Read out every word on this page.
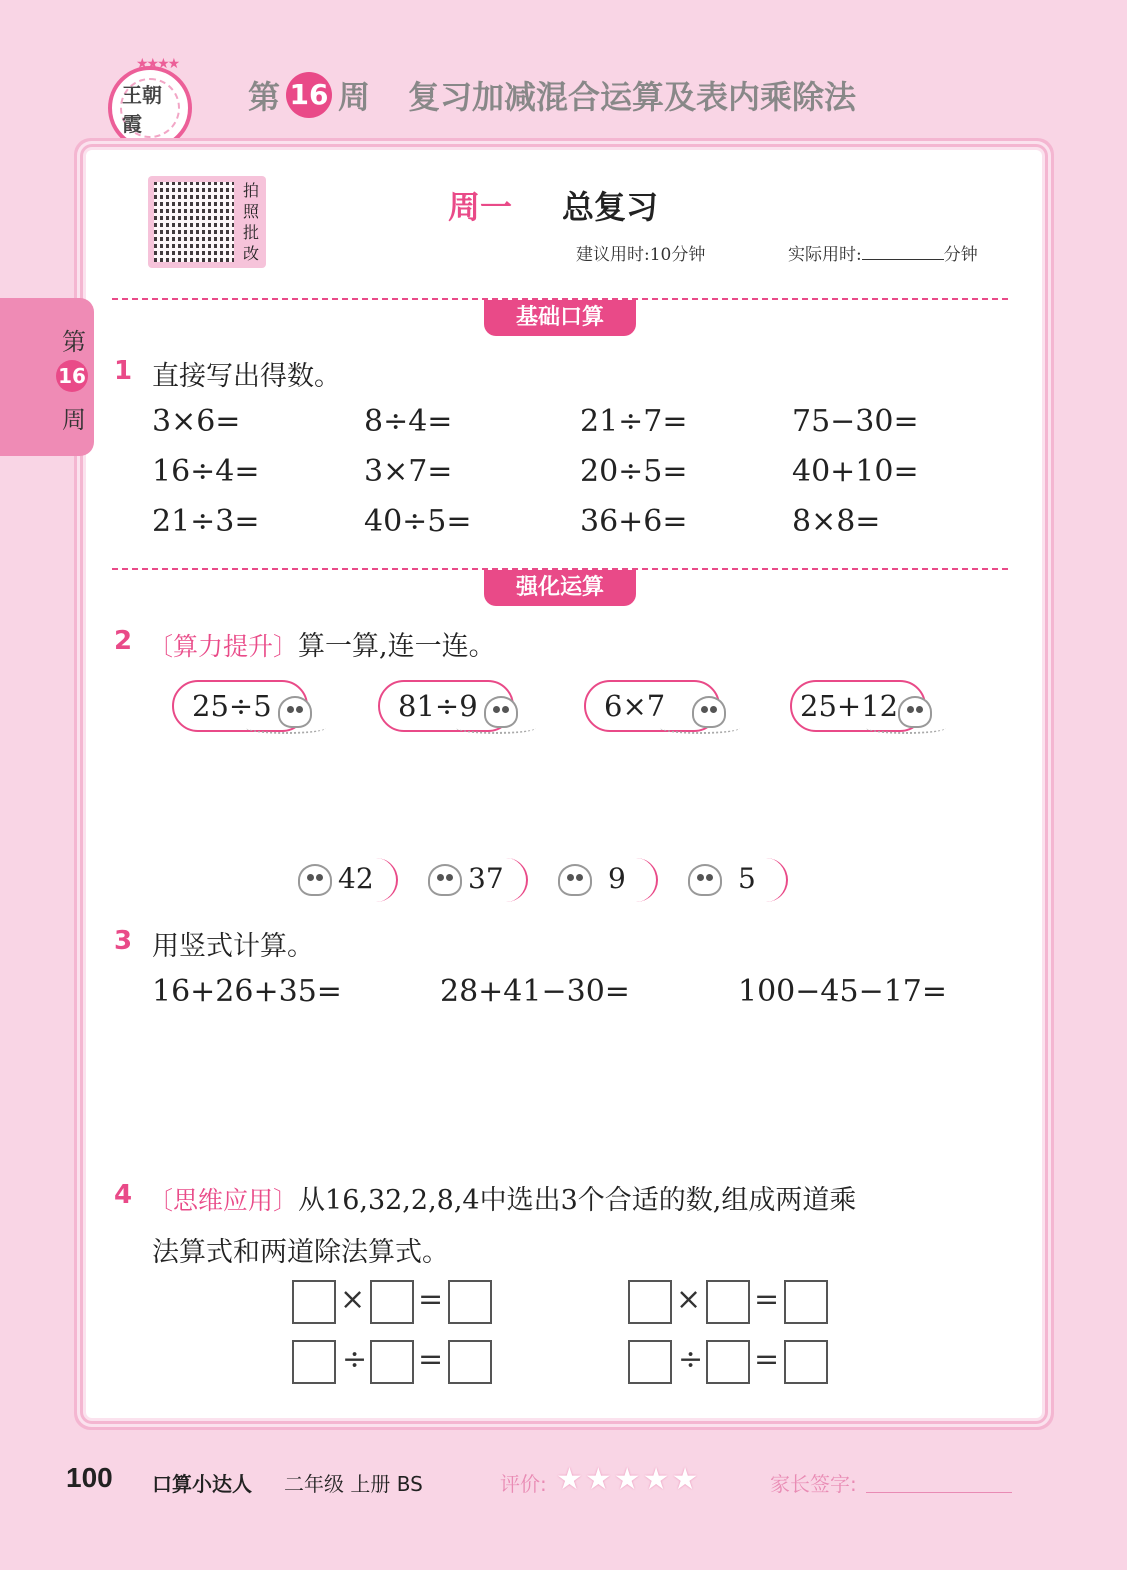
★★★★
王朝霞
第 16 周 复习加减混合运算及表内乘除法
第
16
周
拍
照
批
改
周一 总复习
建议用时:10分钟	实际用时:	分钟
基础口算
1 直接写出得数。
3×6=	8÷4=	21÷7=	75−30=
16÷4=	3×7=	20÷5=	40+10=
21÷3=	40÷5=	36+6=	8×8=
强化运算
2 〔算力提升〕算一算,连一连。
25÷5	81÷9	6×7	25+12
42	37	9	5
3 用竖式计算。
16+26+35=	28+41−30=	100−45−17=
4 〔思维应用〕从16,32,2,8,4中选出3个合适的数,组成两道乘
法算式和两道除法算式。
× =
÷ =
× =
÷ =
100 口算小达人 二年级 上册 BS	评价: ★★★★★	家长签字:
